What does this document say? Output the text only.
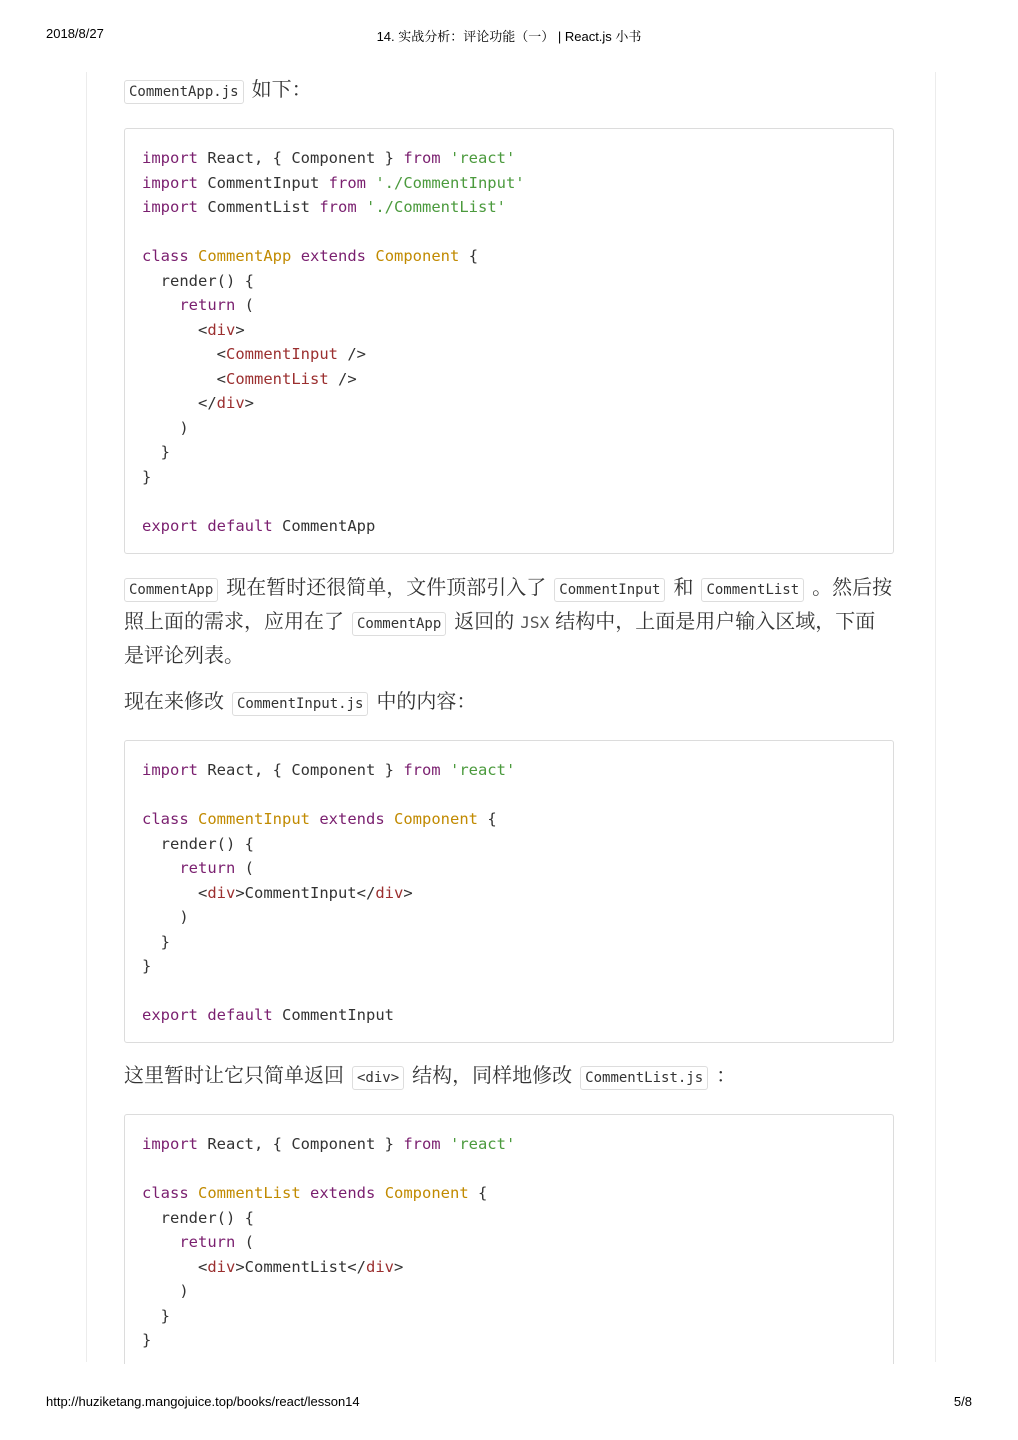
2018/8/27	14. 实战分析：评论功能（一） | React.js 小书

CommentApp.js 如下：

import React, { Component } from 'react'
import CommentInput from './CommentInput'
import CommentList from './CommentList'
class CommentApp extends Component {
render() {
return (
<div>
<CommentInput />
<CommentList />
</div>
)
}
}
export default CommentApp

CommentApp 现在暂时还很简单，文件顶部引入了 CommentInput 和 CommentList 。然后按照上面的需求，应用在了 CommentApp 返回的 JSX 结构中，上面是用户输入区域，下面是评论列表。

现在来修改 CommentInput.js 中的内容：

import React, { Component } from 'react'
class CommentInput extends Component {
render() {
return (
<div>CommentInput</div>
)
}
}
export default CommentInput

这里暂时让它只简单返回 <div> 结构，同样地修改 CommentList.js ：

import React, { Component } from 'react'
class CommentList extends Component {
render() {
return (
<div>CommentList</div>
)
}
}
http://huziketang.mangojuice.top/books/react/lesson14	5/8
